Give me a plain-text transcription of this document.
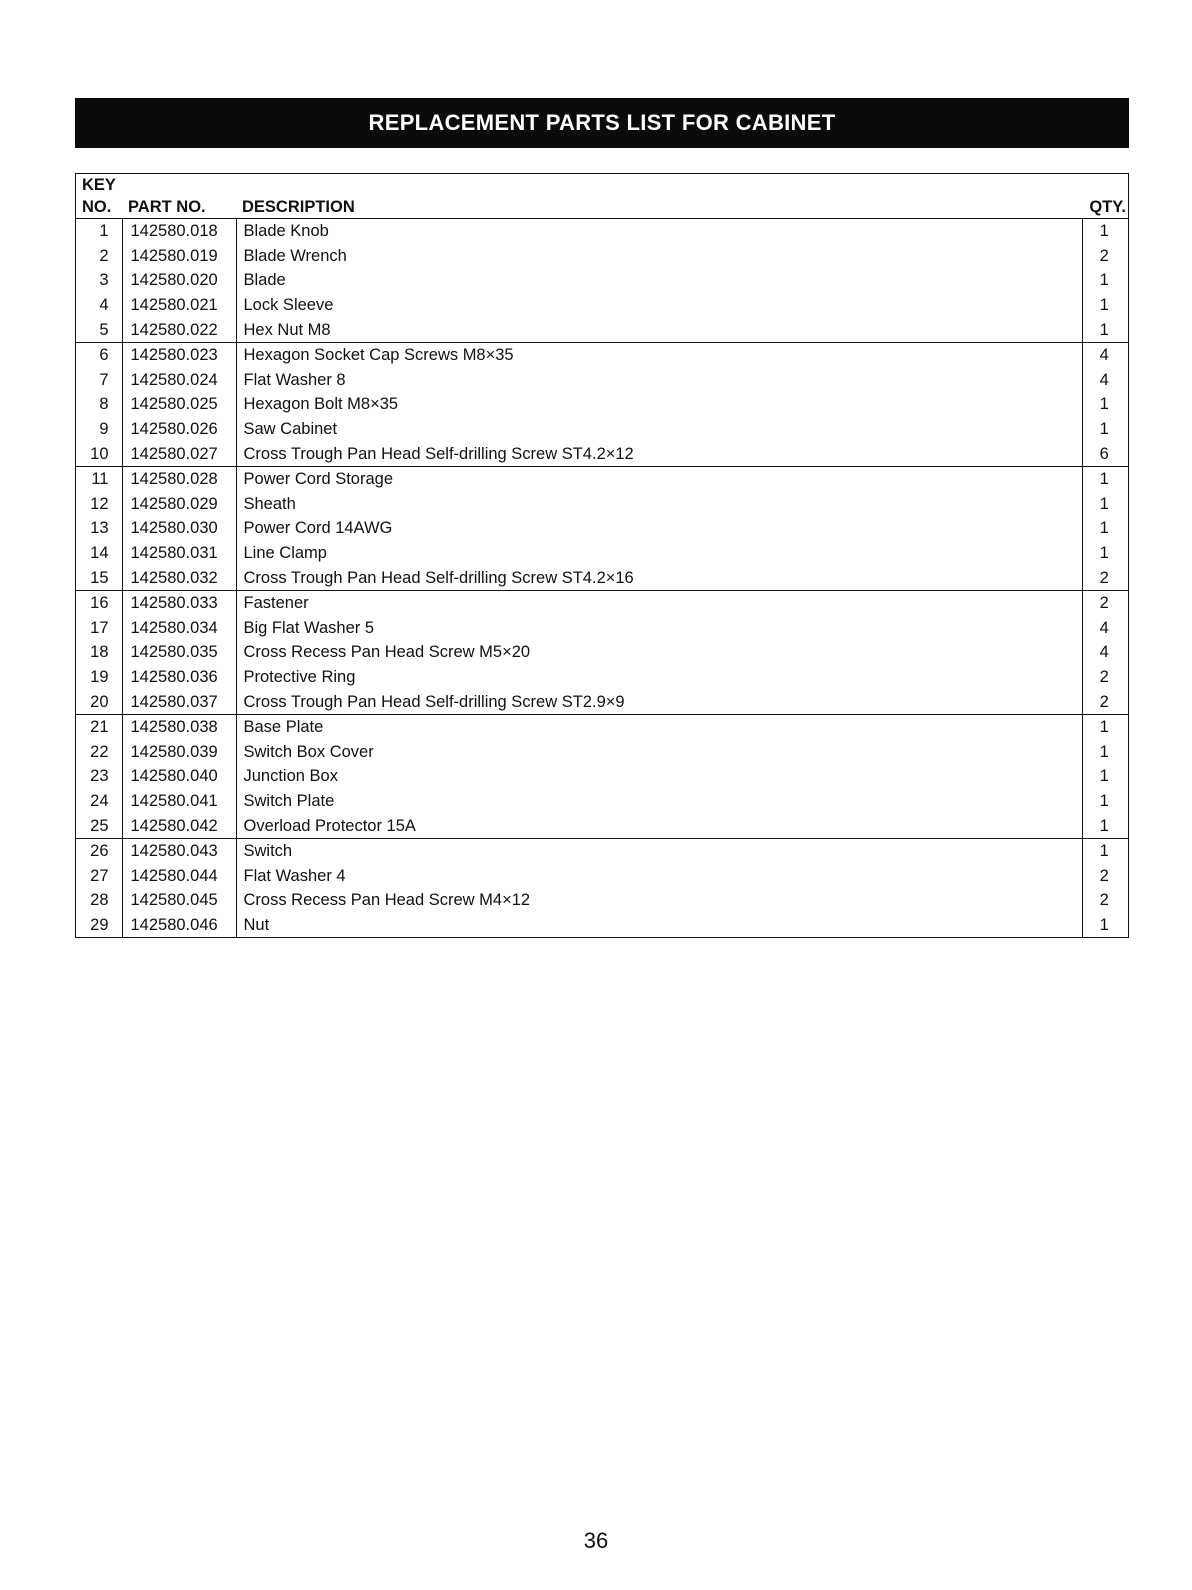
REPLACEMENT PARTS LIST FOR CABINET
KEY			
NO.	PART NO.	DESCRIPTION	QTY.
1	142580.018	Blade Knob	1
2	142580.019	Blade Wrench	2
3	142580.020	Blade	1
4	142580.021	Lock Sleeve	1
5	142580.022	Hex Nut M8	1
6	142580.023	Hexagon Socket Cap Screws M8×35	4
7	142580.024	Flat Washer 8	4
8	142580.025	Hexagon Bolt M8×35	1
9	142580.026	Saw Cabinet	1
10	142580.027	Cross Trough Pan Head Self-drilling Screw ST4.2×12	6
11	142580.028	Power Cord Storage	1
12	142580.029	Sheath	1
13	142580.030	Power Cord 14AWG	1
14	142580.031	Line Clamp	1
15	142580.032	Cross Trough Pan Head Self-drilling Screw ST4.2×16	2
16	142580.033	Fastener	2
17	142580.034	Big Flat Washer 5	4
18	142580.035	Cross Recess Pan Head Screw M5×20	4
19	142580.036	Protective Ring	2
20	142580.037	Cross Trough Pan Head Self-drilling Screw ST2.9×9	2
21	142580.038	Base Plate	1
22	142580.039	Switch Box Cover	1
23	142580.040	Junction Box	1
24	142580.041	Switch Plate	1
25	142580.042	Overload Protector 15A	1
26	142580.043	Switch	1
27	142580.044	Flat Washer 4	2
28	142580.045	Cross Recess Pan Head Screw M4×12	2
29	142580.046	Nut	1
36
